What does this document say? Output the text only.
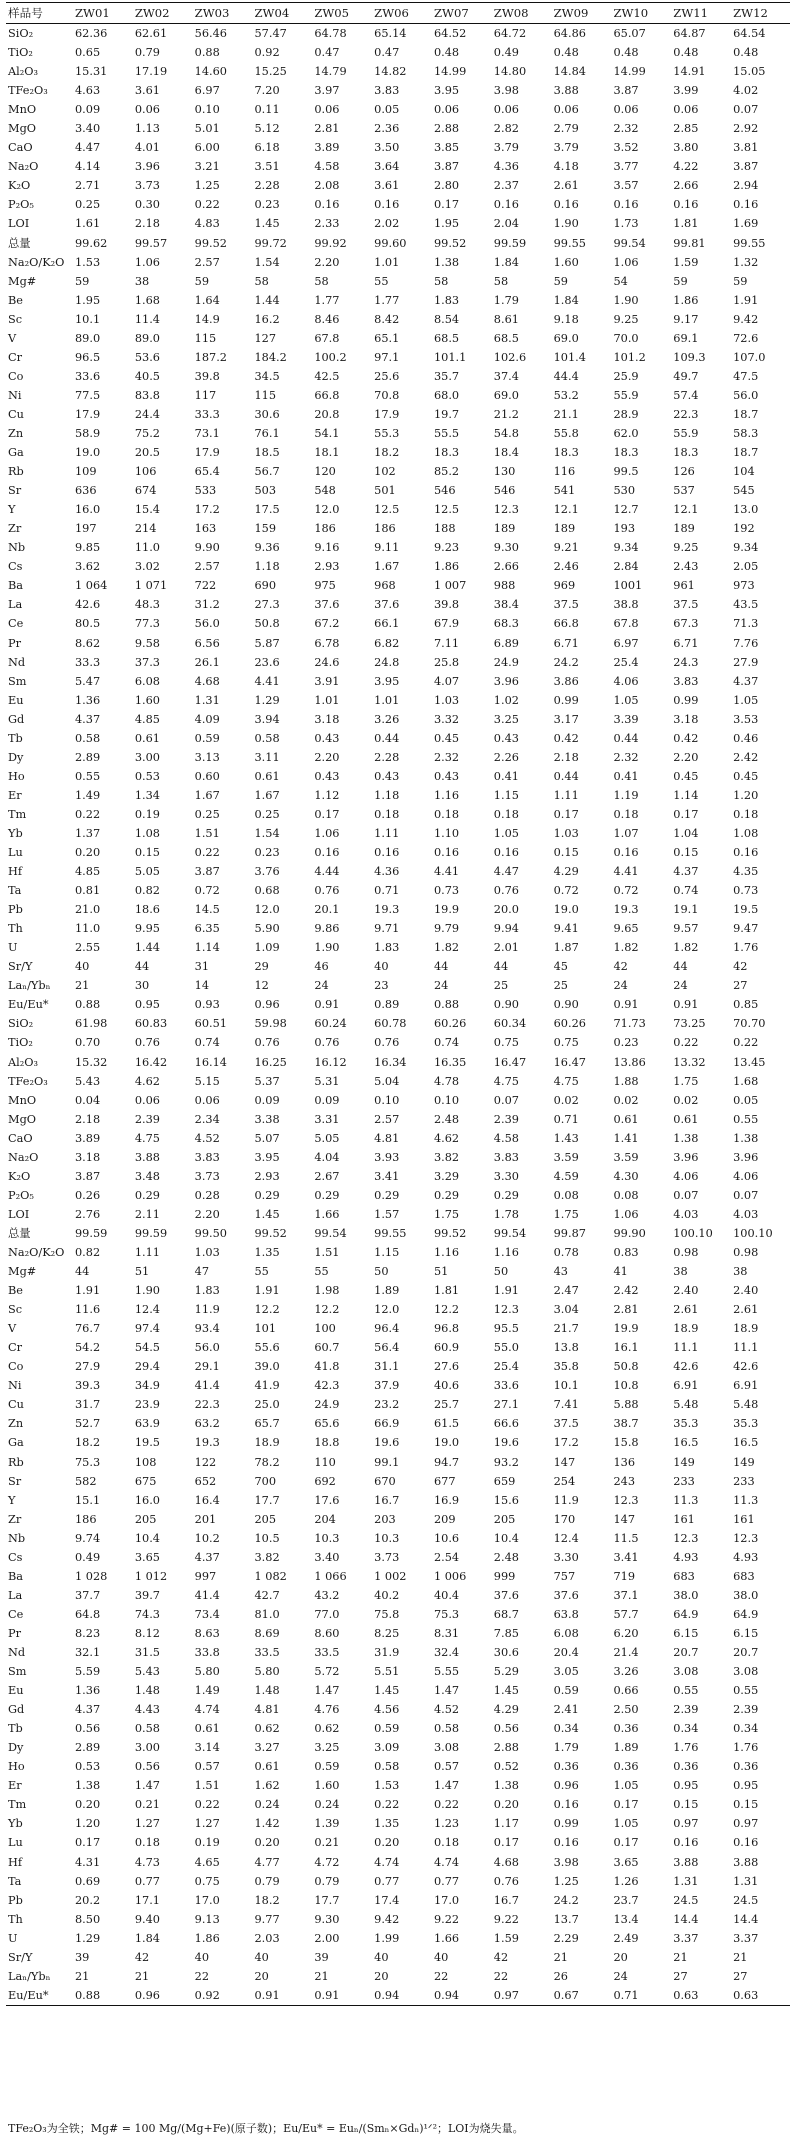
样品号	ZW01	ZW02	ZW03	ZW04	ZW05	ZW06	ZW07	ZW08	ZW09	ZW10	ZW11	ZW12
SiO₂	62.36	62.61	56.46	57.47	64.78	65.14	64.52	64.72	64.86	65.07	64.87	64.54
TiO₂	0.65	0.79	0.88	0.92	0.47	0.47	0.48	0.49	0.48	0.48	0.48	0.48
Al₂O₃	15.31	17.19	14.60	15.25	14.79	14.82	14.99	14.80	14.84	14.99	14.91	15.05
TFe₂O₃	4.63	3.61	6.97	7.20	3.97	3.83	3.95	3.98	3.88	3.87	3.99	4.02
MnO	0.09	0.06	0.10	0.11	0.06	0.05	0.06	0.06	0.06	0.06	0.06	0.07
MgO	3.40	1.13	5.01	5.12	2.81	2.36	2.88	2.82	2.79	2.32	2.85	2.92
CaO	4.47	4.01	6.00	6.18	3.89	3.50	3.85	3.79	3.79	3.52	3.80	3.81
Na₂O	4.14	3.96	3.21	3.51	4.58	3.64	3.87	4.36	4.18	3.77	4.22	3.87
K₂O	2.71	3.73	1.25	2.28	2.08	3.61	2.80	2.37	2.61	3.57	2.66	2.94
P₂O₅	0.25	0.30	0.22	0.23	0.16	0.16	0.17	0.16	0.16	0.16	0.16	0.16
LOI	1.61	2.18	4.83	1.45	2.33	2.02	1.95	2.04	1.90	1.73	1.81	1.69
总量	99.62	99.57	99.52	99.72	99.92	99.60	99.52	99.59	99.55	99.54	99.81	99.55
Na₂O/K₂O	1.53	1.06	2.57	1.54	2.20	1.01	1.38	1.84	1.60	1.06	1.59	1.32
Mg#	59	38	59	58	58	55	58	58	59	54	59	59
Be	1.95	1.68	1.64	1.44	1.77	1.77	1.83	1.79	1.84	1.90	1.86	1.91
Sc	10.1	11.4	14.9	16.2	8.46	8.42	8.54	8.61	9.18	9.25	9.17	9.42
V	89.0	89.0	115	127	67.8	65.1	68.5	68.5	69.0	70.0	69.1	72.6
Cr	96.5	53.6	187.2	184.2	100.2	97.1	101.1	102.6	101.4	101.2	109.3	107.0
Co	33.6	40.5	39.8	34.5	42.5	25.6	35.7	37.4	44.4	25.9	49.7	47.5
Ni	77.5	83.8	117	115	66.8	70.8	68.0	69.0	53.2	55.9	57.4	56.0
Cu	17.9	24.4	33.3	30.6	20.8	17.9	19.7	21.2	21.1	28.9	22.3	18.7
Zn	58.9	75.2	73.1	76.1	54.1	55.3	55.5	54.8	55.8	62.0	55.9	58.3
Ga	19.0	20.5	17.9	18.5	18.1	18.2	18.3	18.4	18.3	18.3	18.3	18.7
Rb	109	106	65.4	56.7	120	102	85.2	130	116	99.5	126	104
Sr	636	674	533	503	548	501	546	546	541	530	537	545
Y	16.0	15.4	17.2	17.5	12.0	12.5	12.5	12.3	12.1	12.7	12.1	13.0
Zr	197	214	163	159	186	186	188	189	189	193	189	192
Nb	9.85	11.0	9.90	9.36	9.16	9.11	9.23	9.30	9.21	9.34	9.25	9.34
Cs	3.62	3.02	2.57	1.18	2.93	1.67	1.86	2.66	2.46	2.84	2.43	2.05
Ba	1 064	1 071	722	690	975	968	1 007	988	969	1001	961	973
La	42.6	48.3	31.2	27.3	37.6	37.6	39.8	38.4	37.5	38.8	37.5	43.5
Ce	80.5	77.3	56.0	50.8	67.2	66.1	67.9	68.3	66.8	67.8	67.3	71.3
Pr	8.62	9.58	6.56	5.87	6.78	6.82	7.11	6.89	6.71	6.97	6.71	7.76
Nd	33.3	37.3	26.1	23.6	24.6	24.8	25.8	24.9	24.2	25.4	24.3	27.9
Sm	5.47	6.08	4.68	4.41	3.91	3.95	4.07	3.96	3.86	4.06	3.83	4.37
Eu	1.36	1.60	1.31	1.29	1.01	1.01	1.03	1.02	0.99	1.05	0.99	1.05
Gd	4.37	4.85	4.09	3.94	3.18	3.26	3.32	3.25	3.17	3.39	3.18	3.53
Tb	0.58	0.61	0.59	0.58	0.43	0.44	0.45	0.43	0.42	0.44	0.42	0.46
Dy	2.89	3.00	3.13	3.11	2.20	2.28	2.32	2.26	2.18	2.32	2.20	2.42
Ho	0.55	0.53	0.60	0.61	0.43	0.43	0.43	0.41	0.44	0.41	0.45	0.45
Er	1.49	1.34	1.67	1.67	1.12	1.18	1.16	1.15	1.11	1.19	1.14	1.20
Tm	0.22	0.19	0.25	0.25	0.17	0.18	0.18	0.18	0.17	0.18	0.17	0.18
Yb	1.37	1.08	1.51	1.54	1.06	1.11	1.10	1.05	1.03	1.07	1.04	1.08
Lu	0.20	0.15	0.22	0.23	0.16	0.16	0.16	0.16	0.15	0.16	0.15	0.16
Hf	4.85	5.05	3.87	3.76	4.44	4.36	4.41	4.47	4.29	4.41	4.37	4.35
Ta	0.81	0.82	0.72	0.68	0.76	0.71	0.73	0.76	0.72	0.72	0.74	0.73
Pb	21.0	18.6	14.5	12.0	20.1	19.3	19.9	20.0	19.0	19.3	19.1	19.5
Th	11.0	9.95	6.35	5.90	9.86	9.71	9.79	9.94	9.41	9.65	9.57	9.47
U	2.55	1.44	1.14	1.09	1.90	1.83	1.82	2.01	1.87	1.82	1.82	1.76
Sr/Y	40	44	31	29	46	40	44	44	45	42	44	42
Laₙ/Ybₙ	21	30	14	12	24	23	24	25	25	24	24	27
Eu/Eu*	0.88	0.95	0.93	0.96	0.91	0.89	0.88	0.90	0.90	0.91	0.91	0.85
SiO₂	61.98	60.83	60.51	59.98	60.24	60.78	60.26	60.34	60.26	71.73	73.25	70.70
TiO₂	0.70	0.76	0.74	0.76	0.76	0.76	0.74	0.75	0.75	0.23	0.22	0.22
Al₂O₃	15.32	16.42	16.14	16.25	16.12	16.34	16.35	16.47	16.47	13.86	13.32	13.45
TFe₂O₃	5.43	4.62	5.15	5.37	5.31	5.04	4.78	4.75	4.75	1.88	1.75	1.68
MnO	0.04	0.06	0.06	0.09	0.09	0.10	0.10	0.07	0.02	0.02	0.02	0.05
MgO	2.18	2.39	2.34	3.38	3.31	2.57	2.48	2.39	0.71	0.61	0.61	0.55
CaO	3.89	4.75	4.52	5.07	5.05	4.81	4.62	4.58	1.43	1.41	1.38	1.38
Na₂O	3.18	3.88	3.83	3.95	4.04	3.93	3.82	3.83	3.59	3.59	3.96	3.96
K₂O	3.87	3.48	3.73	2.93	2.67	3.41	3.29	3.30	4.59	4.30	4.06	4.06
P₂O₅	0.26	0.29	0.28	0.29	0.29	0.29	0.29	0.29	0.08	0.08	0.07	0.07
LOI	2.76	2.11	2.20	1.45	1.66	1.57	1.75	1.78	1.75	1.06	4.03	4.03
总量	99.59	99.59	99.50	99.52	99.54	99.55	99.52	99.54	99.87	99.90	100.10	100.10
Na₂O/K₂O	0.82	1.11	1.03	1.35	1.51	1.15	1.16	1.16	0.78	0.83	0.98	0.98
Mg#	44	51	47	55	55	50	51	50	43	41	38	38
Be	1.91	1.90	1.83	1.91	1.98	1.89	1.81	1.91	2.47	2.42	2.40	2.40
Sc	11.6	12.4	11.9	12.2	12.2	12.0	12.2	12.3	3.04	2.81	2.61	2.61
V	76.7	97.4	93.4	101	100	96.4	96.8	95.5	21.7	19.9	18.9	18.9
Cr	54.2	54.5	56.0	55.6	60.7	56.4	60.9	55.0	13.8	16.1	11.1	11.1
Co	27.9	29.4	29.1	39.0	41.8	31.1	27.6	25.4	35.8	50.8	42.6	42.6
Ni	39.3	34.9	41.4	41.9	42.3	37.9	40.6	33.6	10.1	10.8	6.91	6.91
Cu	31.7	23.9	22.3	25.0	24.9	23.2	25.7	27.1	7.41	5.88	5.48	5.48
Zn	52.7	63.9	63.2	65.7	65.6	66.9	61.5	66.6	37.5	38.7	35.3	35.3
Ga	18.2	19.5	19.3	18.9	18.8	19.6	19.0	19.6	17.2	15.8	16.5	16.5
Rb	75.3	108	122	78.2	110	99.1	94.7	93.2	147	136	149	149
Sr	582	675	652	700	692	670	677	659	254	243	233	233
Y	15.1	16.0	16.4	17.7	17.6	16.7	16.9	15.6	11.9	12.3	11.3	11.3
Zr	186	205	201	205	204	203	209	205	170	147	161	161
Nb	9.74	10.4	10.2	10.5	10.3	10.3	10.6	10.4	12.4	11.5	12.3	12.3
Cs	0.49	3.65	4.37	3.82	3.40	3.73	2.54	2.48	3.30	3.41	4.93	4.93
Ba	1 028	1 012	997	1 082	1 066	1 002	1 006	999	757	719	683	683
La	37.7	39.7	41.4	42.7	43.2	40.2	40.4	37.6	37.6	37.1	38.0	38.0
Ce	64.8	74.3	73.4	81.0	77.0	75.8	75.3	68.7	63.8	57.7	64.9	64.9
Pr	8.23	8.12	8.63	8.69	8.60	8.25	8.31	7.85	6.08	6.20	6.15	6.15
Nd	32.1	31.5	33.8	33.5	33.5	31.9	32.4	30.6	20.4	21.4	20.7	20.7
Sm	5.59	5.43	5.80	5.80	5.72	5.51	5.55	5.29	3.05	3.26	3.08	3.08
Eu	1.36	1.48	1.49	1.48	1.47	1.45	1.47	1.45	0.59	0.66	0.55	0.55
Gd	4.37	4.43	4.74	4.81	4.76	4.56	4.52	4.29	2.41	2.50	2.39	2.39
Tb	0.56	0.58	0.61	0.62	0.62	0.59	0.58	0.56	0.34	0.36	0.34	0.34
Dy	2.89	3.00	3.14	3.27	3.25	3.09	3.08	2.88	1.79	1.89	1.76	1.76
Ho	0.53	0.56	0.57	0.61	0.59	0.58	0.57	0.52	0.36	0.36	0.36	0.36
Er	1.38	1.47	1.51	1.62	1.60	1.53	1.47	1.38	0.96	1.05	0.95	0.95
Tm	0.20	0.21	0.22	0.24	0.24	0.22	0.22	0.20	0.16	0.17	0.15	0.15
Yb	1.20	1.27	1.27	1.42	1.39	1.35	1.23	1.17	0.99	1.05	0.97	0.97
Lu	0.17	0.18	0.19	0.20	0.21	0.20	0.18	0.17	0.16	0.17	0.16	0.16
Hf	4.31	4.73	4.65	4.77	4.72	4.74	4.74	4.68	3.98	3.65	3.88	3.88
Ta	0.69	0.77	0.75	0.79	0.79	0.77	0.77	0.76	1.25	1.26	1.31	1.31
Pb	20.2	17.1	17.0	18.2	17.7	17.4	17.0	16.7	24.2	23.7	24.5	24.5
Th	8.50	9.40	9.13	9.77	9.30	9.42	9.22	9.22	13.7	13.4	14.4	14.4
U	1.29	1.84	1.86	2.03	2.00	1.99	1.66	1.59	2.29	2.49	3.37	3.37
Sr/Y	39	42	40	40	39	40	40	42	21	20	21	21
Laₙ/Ybₙ	21	21	22	20	21	20	22	22	26	24	27	27
Eu/Eu*	0.88	0.96	0.92	0.91	0.91	0.94	0.94	0.97	0.67	0.71	0.63	0.63
TFe₂O₃为全铁；Mg# = 100 Mg/(Mg+Fe)(原子数)；Eu/Eu* = Euₙ/(Smₙ×Gdₙ)¹ᐟ²；LOI为烧失量。
